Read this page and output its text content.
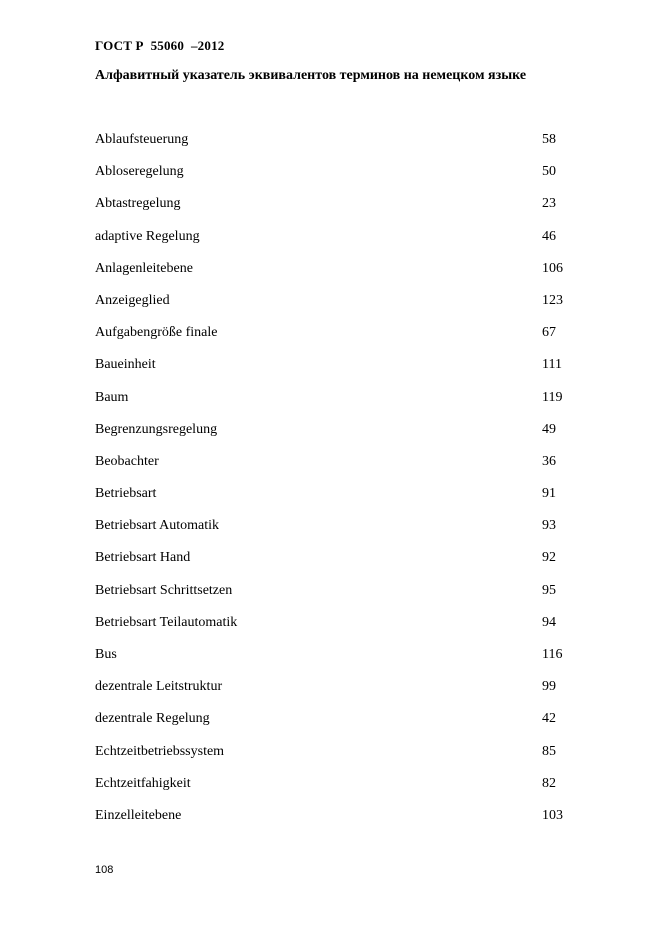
ГОСТ Р  55060  –2012
Алфавитный указатель эквивалентов терминов на немецком языке
Ablaufsteuerung	58
Abloseregelung	50
Abtastregelung	23
adaptive Regelung	46
Anlagenleitebene	106
Anzeigeglied	123
Aufgabengröße finale	67
Baueinheit	111
Baum	119
Begrenzungsregelung	49
Beobachter	36
Betriebsart	91
Betriebsart Automatik	93
Betriebsart Hand	92
Betriebsart Schrittsetzen	95
Betriebsart Teilautomatik	94
Bus	116
dezentrale Leitstruktur	99
dezentrale Regelung	42
Echtzeitbetriebssystem	85
Echtzeitfahigkeit	82
Einzelleitebene	103
108
